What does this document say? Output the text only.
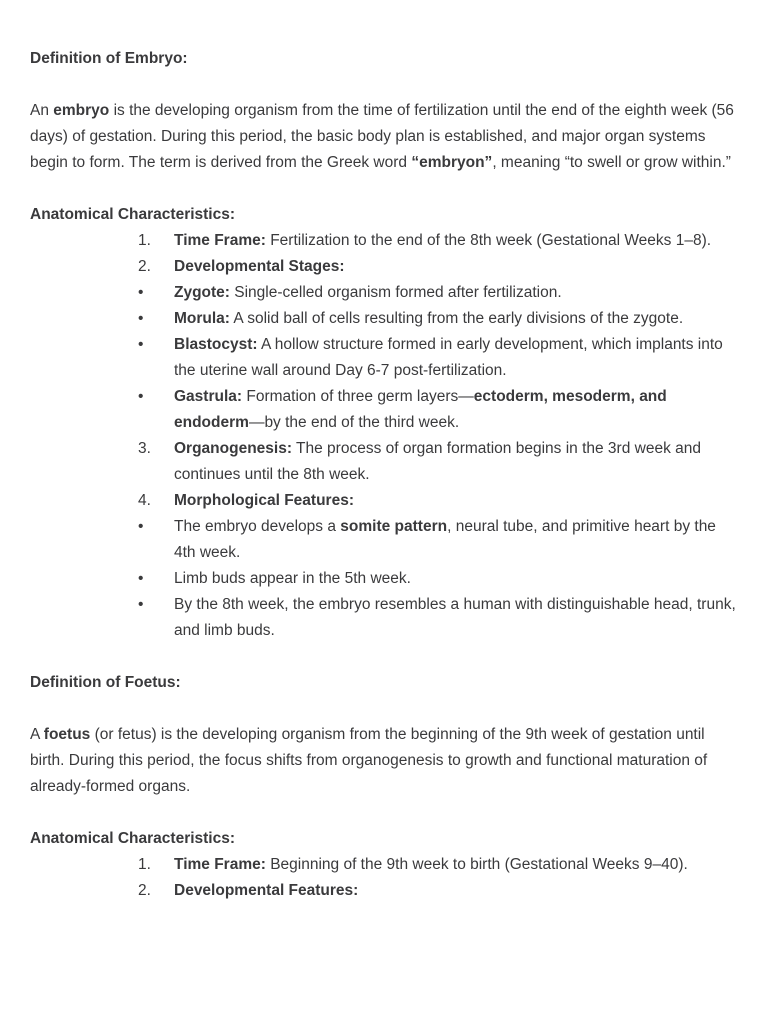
Definition of Embryo:

An embryo is the developing organism from the time of fertilization until the end of the eighth week (56 days) of gestation. During this period, the basic body plan is established, and major organ systems begin to form. The term is derived from the Greek word “embryon”, meaning “to swell or grow within.”

Anatomical Characteristics:
1. Time Frame: Fertilization to the end of the 8th week (Gestational Weeks 1–8).
2. Developmental Stages:
• Zygote: Single-celled organism formed after fertilization.
• Morula: A solid ball of cells resulting from the early divisions of the zygote.
• Blastocyst: A hollow structure formed in early development, which implants into the uterine wall around Day 6-7 post-fertilization.
• Gastrula: Formation of three germ layers—ectoderm, mesoderm, and endoderm—by the end of the third week.
3. Organogenesis: The process of organ formation begins in the 3rd week and continues until the 8th week.
4. Morphological Features:
• The embryo develops a somite pattern, neural tube, and primitive heart by the 4th week.
• Limb buds appear in the 5th week.
• By the 8th week, the embryo resembles a human with distinguishable head, trunk, and limb buds.
Definition of Foetus:

A foetus (or fetus) is the developing organism from the beginning of the 9th week of gestation until birth. During this period, the focus shifts from organogenesis to growth and functional maturation of already-formed organs.

Anatomical Characteristics:
1. Time Frame: Beginning of the 9th week to birth (Gestational Weeks 9–40).
2. Developmental Features:
